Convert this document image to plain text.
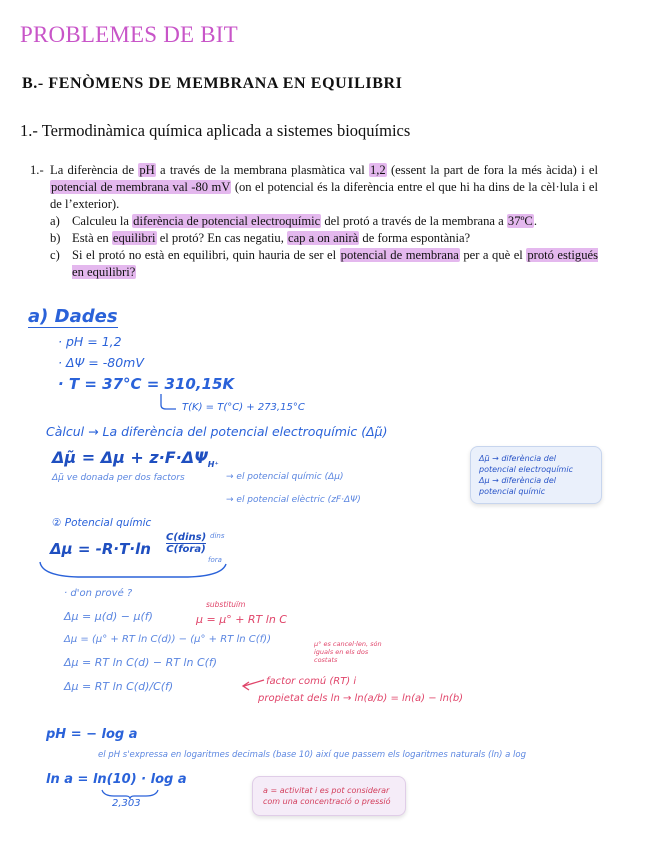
PROBLEMES DE BIT
B.- FENÒMENS DE MEMBRANA EN EQUILIBRI
1.- Termodinàmica química aplicada a sistemes bioquímics
1.- La diferència de pH a través de la membrana plasmàtica val 1,2 (essent la part de fora la més àcida) i el potencial de membrana val -80 mV (on el potencial és la diferència entre el que hi ha dins de la cèl·lula i el de l’exterior).
a) Calculeu la diferència de potencial electroquímic del protó a través de la membrana a 37ºC.
b) Està en equilibri el protó? En cas negatiu, cap a on anirà de forma espontània?
c) Si el protó no està en equilibri, quin hauria de ser el potencial de membrana per a què el protó estigués en equilibri?
a) Dades
· pH = 1,2
· ΔΨ = -80mV
· T = 37°C = 310,15K
T(K) = T(°C) + 273,15°C
Càlcul → La diferència del potencial electroquímic (Δμ̃)
Δμ̃ = $\Delta\mu + z\cdot F\cdot\Delta\Psi_{H^+}$
Δμ̃ ve donada per dos factors	→ el potencial químic (Δμ)
→ el potencial elèctric (zF·ΔΨ)
Δμ̃ → diferència del
potencial electroquímic
Δμ → diferència del
potencial químic
② Potencial químic
Δμ = -R·T·ln
C(dins)
C(fora)
dins
fora
· d'on prové ?
Δμ = μ(d) − μ(f)
substituïm
μ = μ° + RT ln C
Δμ = (μ° + RT ln C(d)) − (μ° + RT ln C(f))	μ° es cancel·len, són iguals en els dos costats
Δμ = RT ln C(d) − RT ln C(f)
Δμ = RT ln C(d)/C(f)	factor comú (RT) i
propietat dels ln → ln(a/b) = ln(a) − ln(b)
pH = − log a
el pH s'expressa en logaritmes decimals (base 10) així que passem els logaritmes naturals (ln) a log
ln a = ln(10) · log a
2,303
a = activitat i es pot considerar com una concentració o pressió
